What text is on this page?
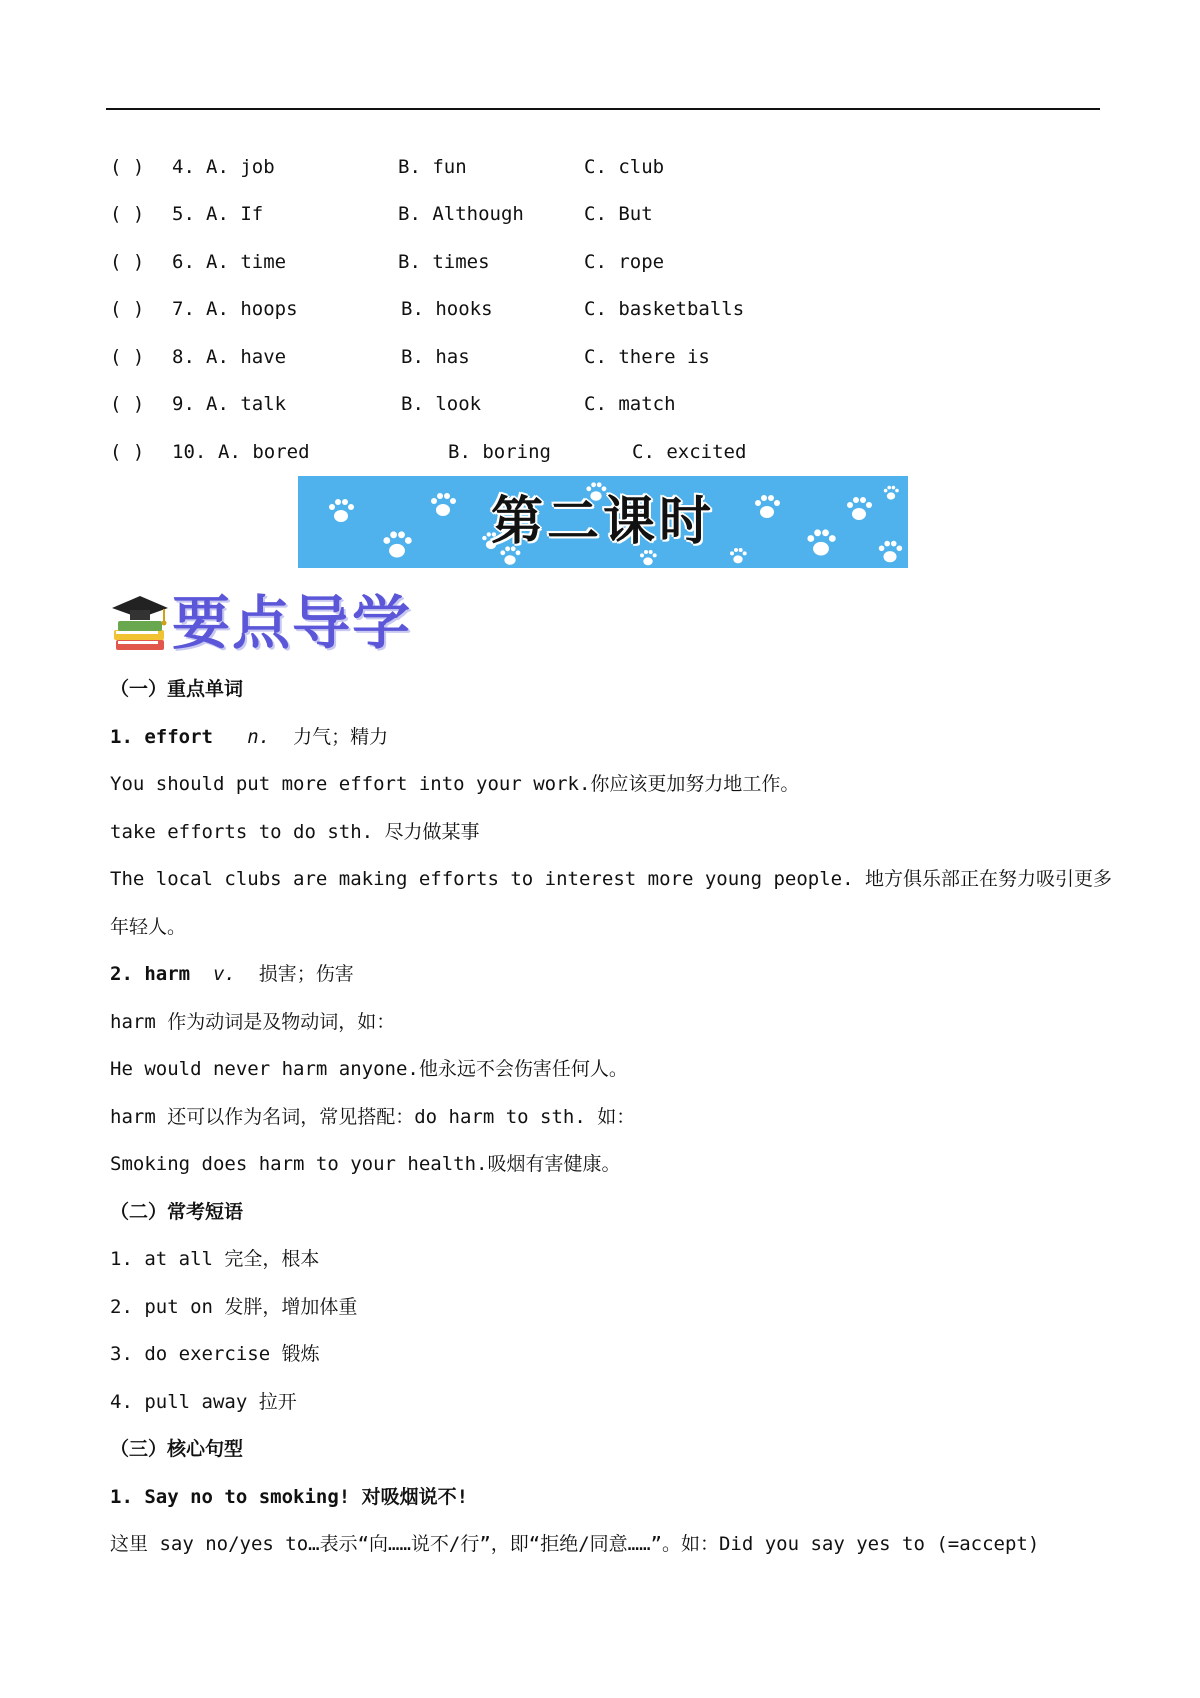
( ) 4. A. job	B. fun	C. club
( ) 5. A. If	B. Although	C. But
( ) 6. A. time	B. times	C. rope
( ) 7. A. hoops	B. hooks	C. basketballs
( ) 8. A. have	B. has	C. there is
( ) 9. A. talk	B. look	C. match
( ) 10. A. bored	B. boring	C. excited
第二课时
要点导学
（一）重点单词
1. effort n. 力气；精力
You should put more effort into your work.你应该更加努力地工作。
take efforts to do sth. 尽力做某事
The local clubs are making efforts to interest more young people. 地方俱乐部正在努力吸引更多
年轻人。
2. harm v. 损害；伤害
harm 作为动词是及物动词，如：
He would never harm anyone.他永远不会伤害任何人。
harm 还可以作为名词，常见搭配：do harm to sth. 如：
Smoking does harm to your health.吸烟有害健康。
（二）常考短语
1. at all 完全，根本
2. put on 发胖，增加体重
3. do exercise 锻炼
4. pull away 拉开
（三）核心句型
1. Say no to smoking! 对吸烟说不!
这里 say no/yes to…表示“向……说不/行”，即“拒绝/同意……”。如：Did you say yes to (=accept)
